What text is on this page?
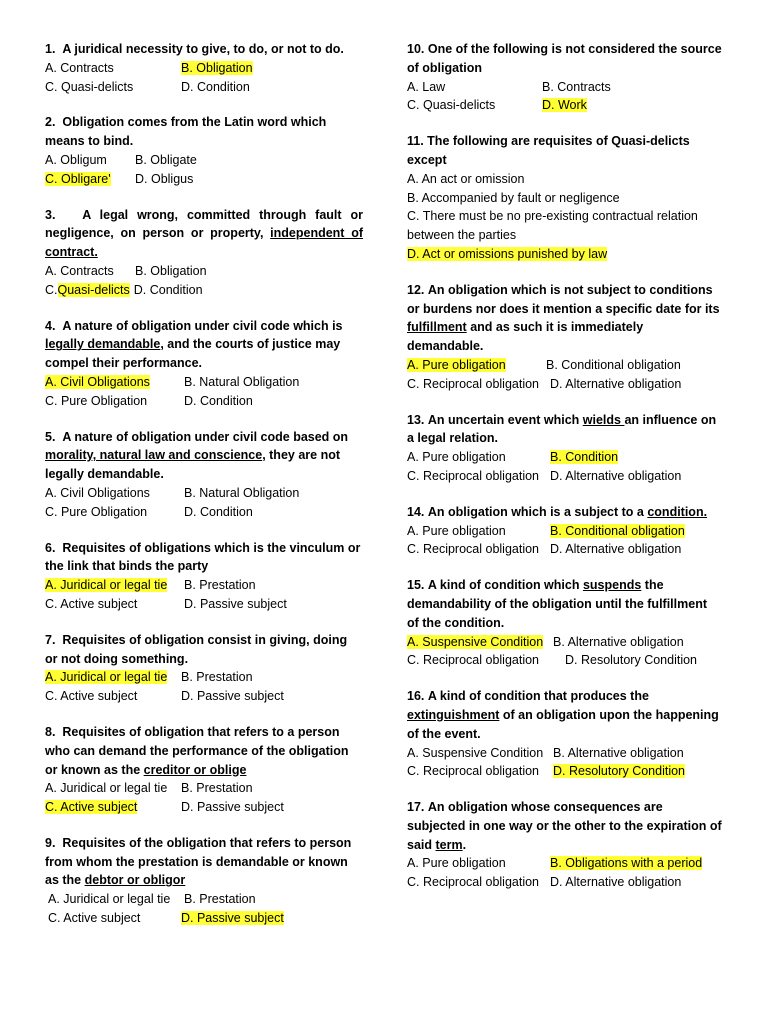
1. A juridical necessity to give, to do, or not to do.

A. Contracts	B. Obligation
C. Quasi-delicts	D. Condition

2. Obligation comes from the Latin word which means to bind.

A. Obligum	B. Obligate
C. Obligare'	D. Obligus

3. A legal wrong, committed through fault or negligence, on person or property, independent of contract.

A. Contracts	B. Obligation
C. Quasi-delicts D. Condition

4. A nature of obligation under civil code which is legally demandable, and the courts of justice may compel their performance.

A. Civil Obligations	B. Natural Obligation
C. Pure Obligation	D. Condition

5. A nature of obligation under civil code based on morality, natural law and conscience, they are not legally demandable.

A. Civil Obligations	B. Natural Obligation
C. Pure Obligation	D. Condition

6. Requisites of obligations which is the vinculum or the link that binds the party

A. Juridical or legal tie	B. Prestation
C. Active subject	D. Passive subject

7. Requisites of obligation consist in giving, doing or not doing something.

A. Juridical or legal tie	B. Prestation
C. Active subject	D. Passive subject

8. Requisites of obligation that refers to a person who can demand the performance of the obligation or known as the creditor or oblige

A. Juridical or legal tie	B. Prestation
C. Active subject	D. Passive subject

9. Requisites of the obligation that refers to person from whom the prestation is demandable or known as the debtor or obligor

A. Juridical or legal tie	B. Prestation
C. Active subject	D. Passive subject

10. One of the following is not considered the source of obligation

A. Law	B. Contracts
C. Quasi-delicts	D. Work

11. The following are requisites of Quasi-delicts except

A. An act or omission
B. Accompanied by fault or negligence
C. There must be no pre-existing contractual relation
between the parties
D. Act or omissions punished by law

12. An obligation which is not subject to conditions or burdens nor does it mention a specific date for its fulfillment and as such it is immediately demandable.

A. Pure obligation	B. Conditional obligation
C. Reciprocal obligation D. Alternative obligation

13. An uncertain event which wields an influence on a legal relation.

A. Pure obligation	B. Condition
C. Reciprocal obligation D. Alternative obligation

14. An obligation which is a subject to a condition.

A. Pure obligation	B. Conditional obligation
C. Reciprocal obligation D. Alternative obligation

15. A kind of condition which suspends the demandability of the obligation until the fulfillment of the condition.

A. Suspensive Condition B. Alternative obligation
C. Reciprocal obligation	D. Resolutory Condition

16. A kind of condition that produces the extinguishment of an obligation upon the happening of the event.

A. Suspensive Condition B. Alternative obligation
C. Reciprocal obligation	D. Resolutory Condition

17. An obligation whose consequences are subjected in one way or the other to the expiration of said term.

A. Pure obligation	B. Obligations with a period
C. Reciprocal obligation D. Alternative obligation
